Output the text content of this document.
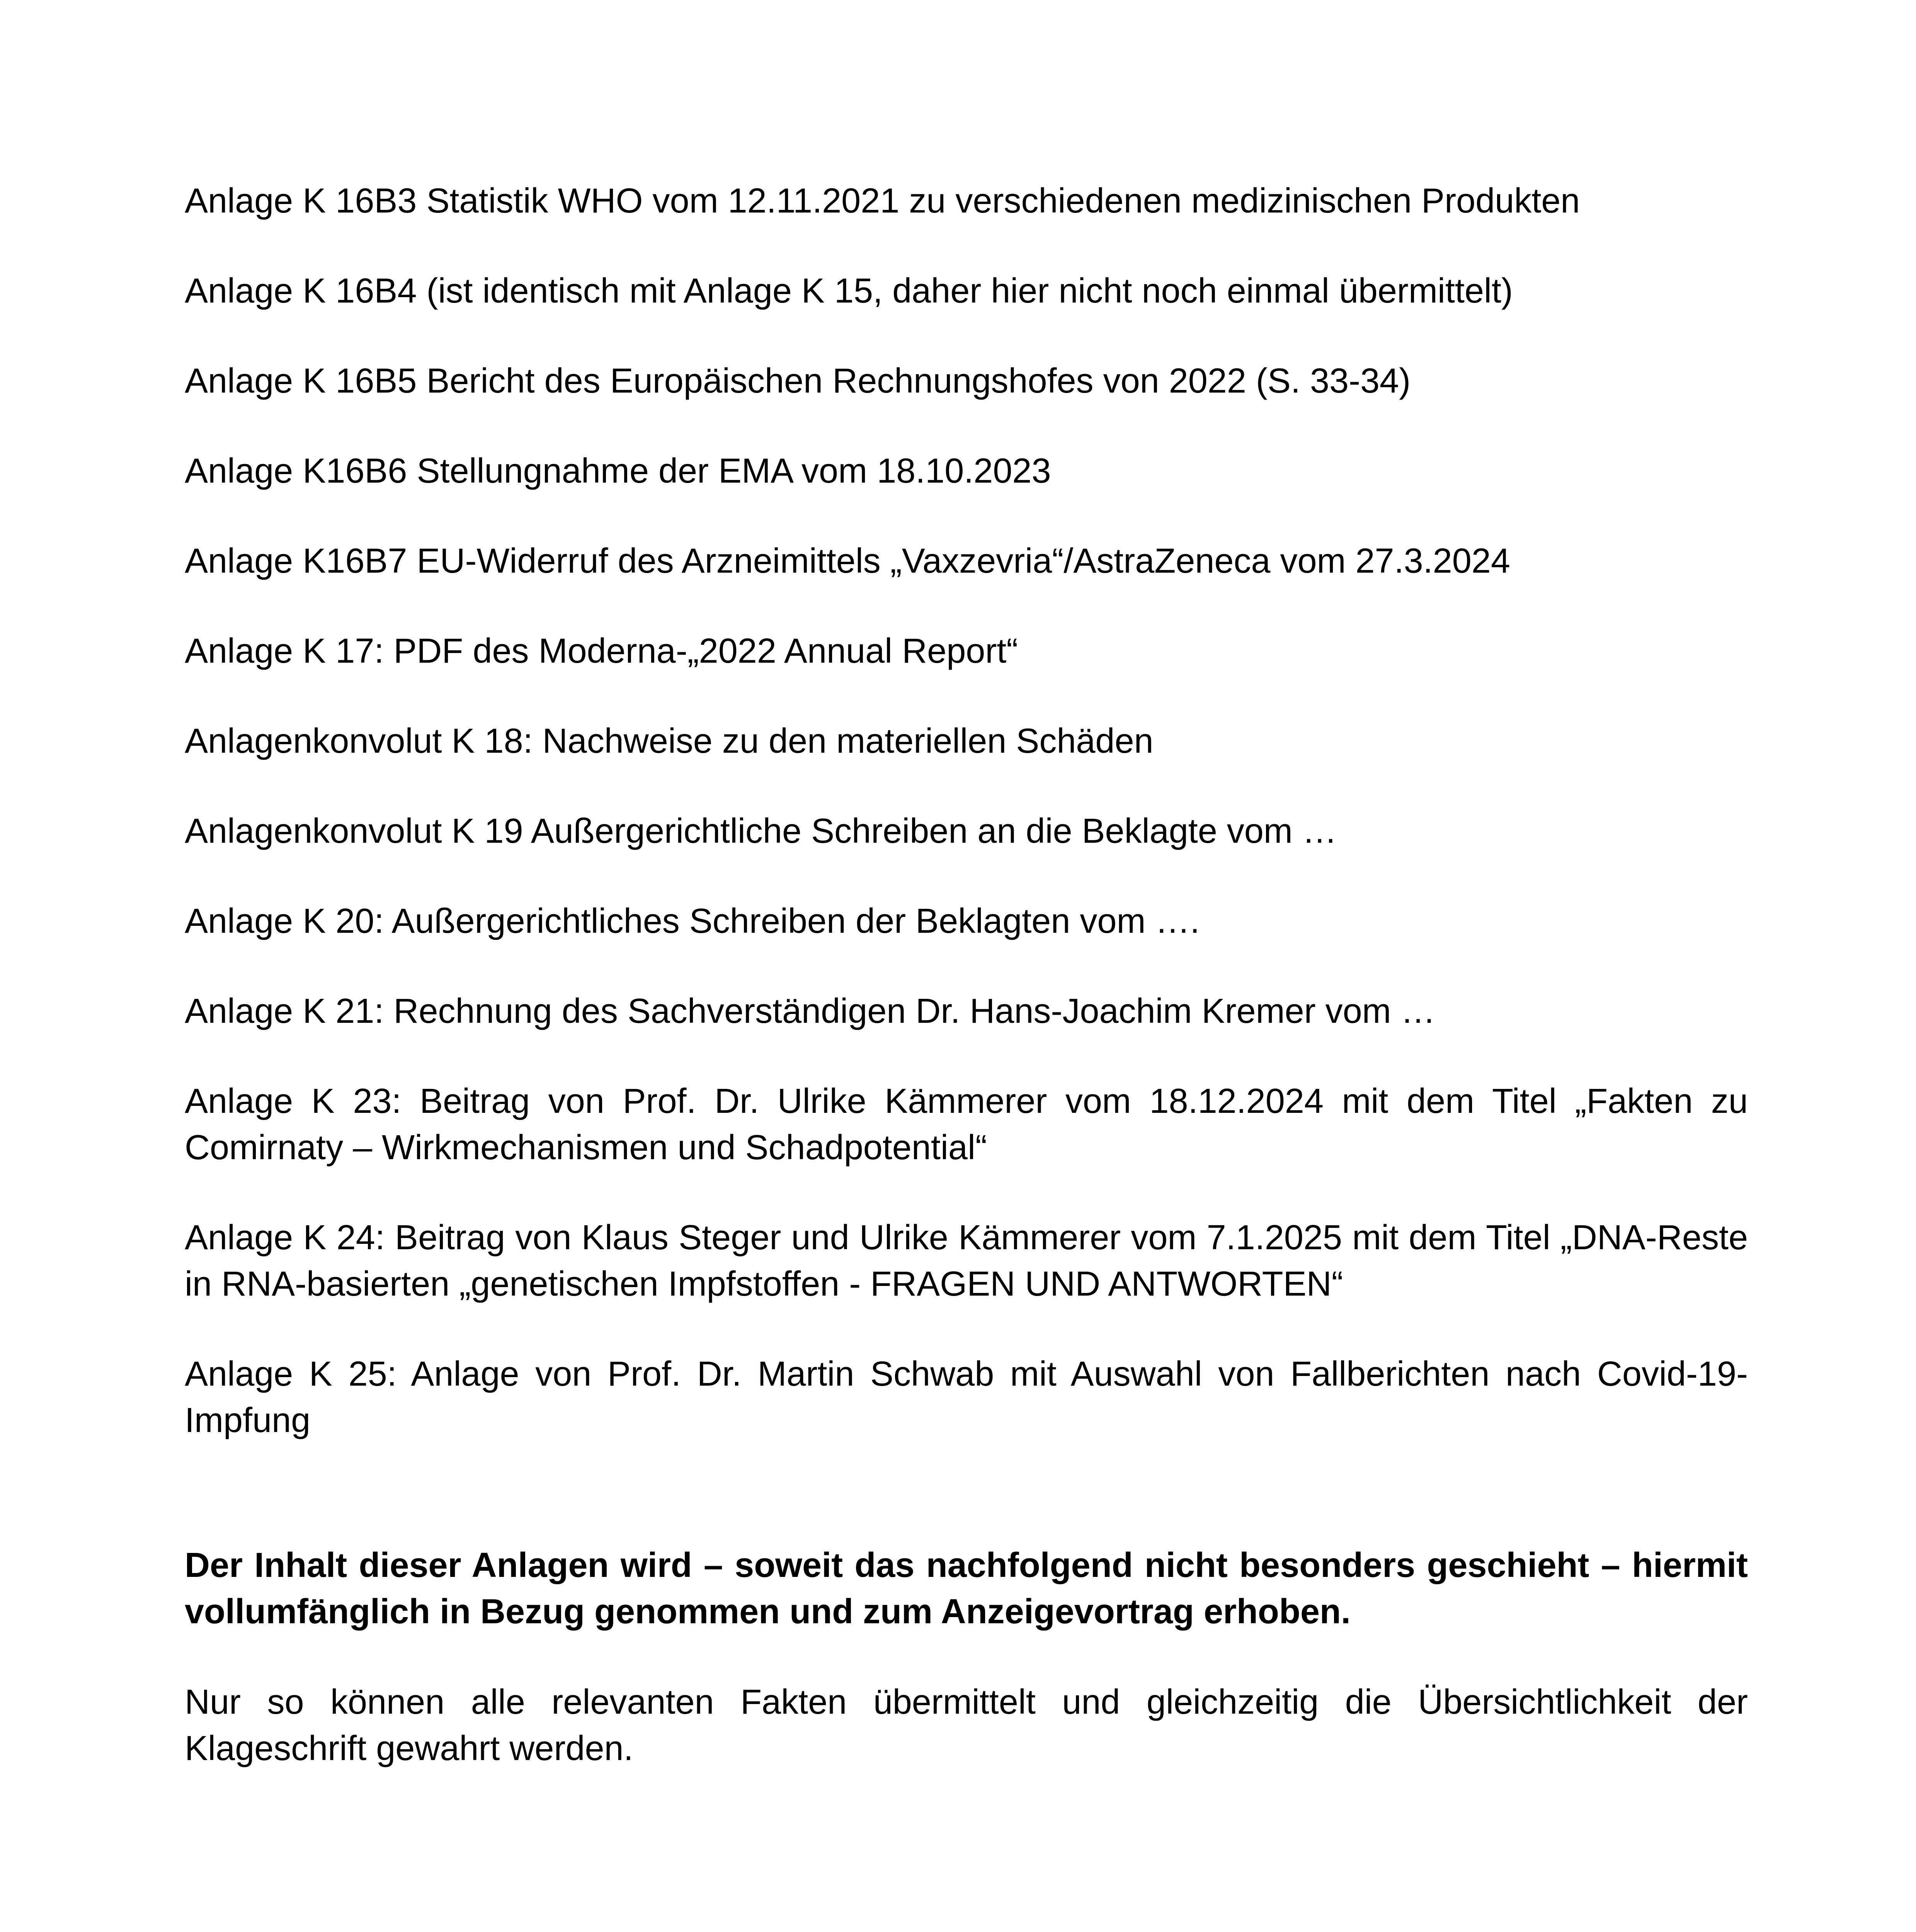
Anlage K 16B3 Statistik WHO vom 12.11.2021 zu verschiedenen medizinischen Produkten

Anlage K 16B4 (ist identisch mit Anlage K 15, daher hier nicht noch einmal übermittelt)

Anlage K 16B5 Bericht des Europäischen Rechnungshofes von 2022 (S. 33-34)

Anlage K16B6 Stellungnahme der EMA vom 18.10.2023

Anlage K16B7 EU-Widerruf des Arzneimittels „Vaxzevria“/AstraZeneca vom 27.3.2024

Anlage K 17: PDF des Moderna-„2022 Annual Report“

Anlagenkonvolut K 18: Nachweise zu den materiellen Schäden

Anlagenkonvolut K 19 Außergerichtliche Schreiben an die Beklagte vom …

Anlage K 20: Außergerichtliches Schreiben der Beklagten vom ….

Anlage K 21: Rechnung des Sachverständigen Dr. Hans-Joachim Kremer vom …

Anlage K 23: Beitrag von Prof. Dr. Ulrike Kämmerer vom 18.12.2024 mit dem Titel „Fakten zu Comirnaty – Wirkmechanismen und Schadpotential“

Anlage K 24: Beitrag von Klaus Steger und Ulrike Kämmerer vom 7.1.2025 mit dem Titel „DNA-Reste in RNA-basierten „genetischen Impfstoffen - FRAGEN UND ANTWORTEN“

Anlage K 25: Anlage von Prof. Dr. Martin Schwab mit Auswahl von Fallberichten nach Covid-19-Impfung

Der Inhalt dieser Anlagen wird – soweit das nachfolgend nicht besonders geschieht – hiermit vollumfänglich in Bezug genommen und zum Anzeigevortrag erhoben.

Nur so können alle relevanten Fakten übermittelt und gleichzeitig die Übersichtlichkeit der Klageschrift gewahrt werden.
